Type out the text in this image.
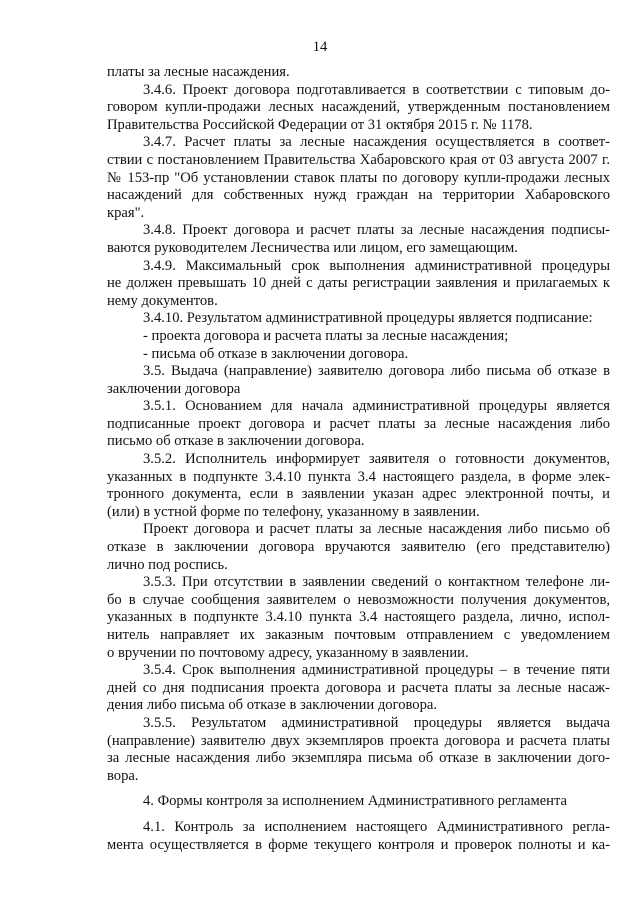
14
платы за лесные насаждения.
3.4.6. Проект договора подготавливается в соответствии с типовым до-
говором купли-продажи лесных насаждений, утвержденным постановлением
Правительства Российской Федерации от 31 октября 2015 г. № 1178.
3.4.7. Расчет платы за лесные насаждения осуществляется в соответ-
ствии с постановлением Правительства Хабаровского края от 03 августа 2007 г.
№ 153-пр "Об установлении ставок платы по договору купли-продажи лесных
насаждений для собственных нужд граждан на территории Хабаровского
края".
3.4.8. Проект договора и расчет платы за лесные насаждения подписы-
ваются руководителем Лесничества или лицом, его замещающим.
3.4.9. Максимальный срок выполнения административной процедуры
не должен превышать 10 дней с даты регистрации заявления и прилагаемых к
нему документов.
3.4.10. Результатом административной процедуры является подписание:
- проекта договора и расчета платы за лесные насаждения;
- письма об отказе в заключении договора.
3.5. Выдача (направление) заявителю договора либо письма об отказе в
заключении договора
3.5.1. Основанием для начала административной процедуры является
подписанные проект договора и расчет платы за лесные насаждения либо
письмо об отказе в заключении договора.
3.5.2. Исполнитель информирует заявителя о готовности документов,
указанных в подпункте 3.4.10 пункта 3.4 настоящего раздела, в форме элек-
тронного документа, если в заявлении указан адрес электронной почты, и
(или) в устной форме по телефону, указанному в заявлении.
Проект договора и расчет платы за лесные насаждения либо письмо об
отказе в заключении договора вручаются заявителю (его представителю)
лично под роспись.
3.5.3. При отсутствии в заявлении сведений о контактном телефоне ли-
бо в случае сообщения заявителем о невозможности получения документов,
указанных в подпункте 3.4.10 пункта 3.4 настоящего раздела, лично, испол-
нитель направляет их заказным почтовым отправлением с уведомлением
о вручении по почтовому адресу, указанному в заявлении.
3.5.4. Срок выполнения административной процедуры – в течение пяти
дней со дня подписания проекта договора и расчета платы за лесные насаж-
дения либо письма об отказе в заключении договора.
3.5.5. Результатом административной процедуры является выдача
(направление) заявителю двух экземпляров проекта договора и расчета платы
за лесные насаждения либо экземпляра письма об отказе в заключении дого-
вора.
4. Формы контроля за исполнением Административного регламента
4.1. Контроль за исполнением настоящего Административного регла-
мента осуществляется в форме текущего контроля и проверок полноты и ка-
